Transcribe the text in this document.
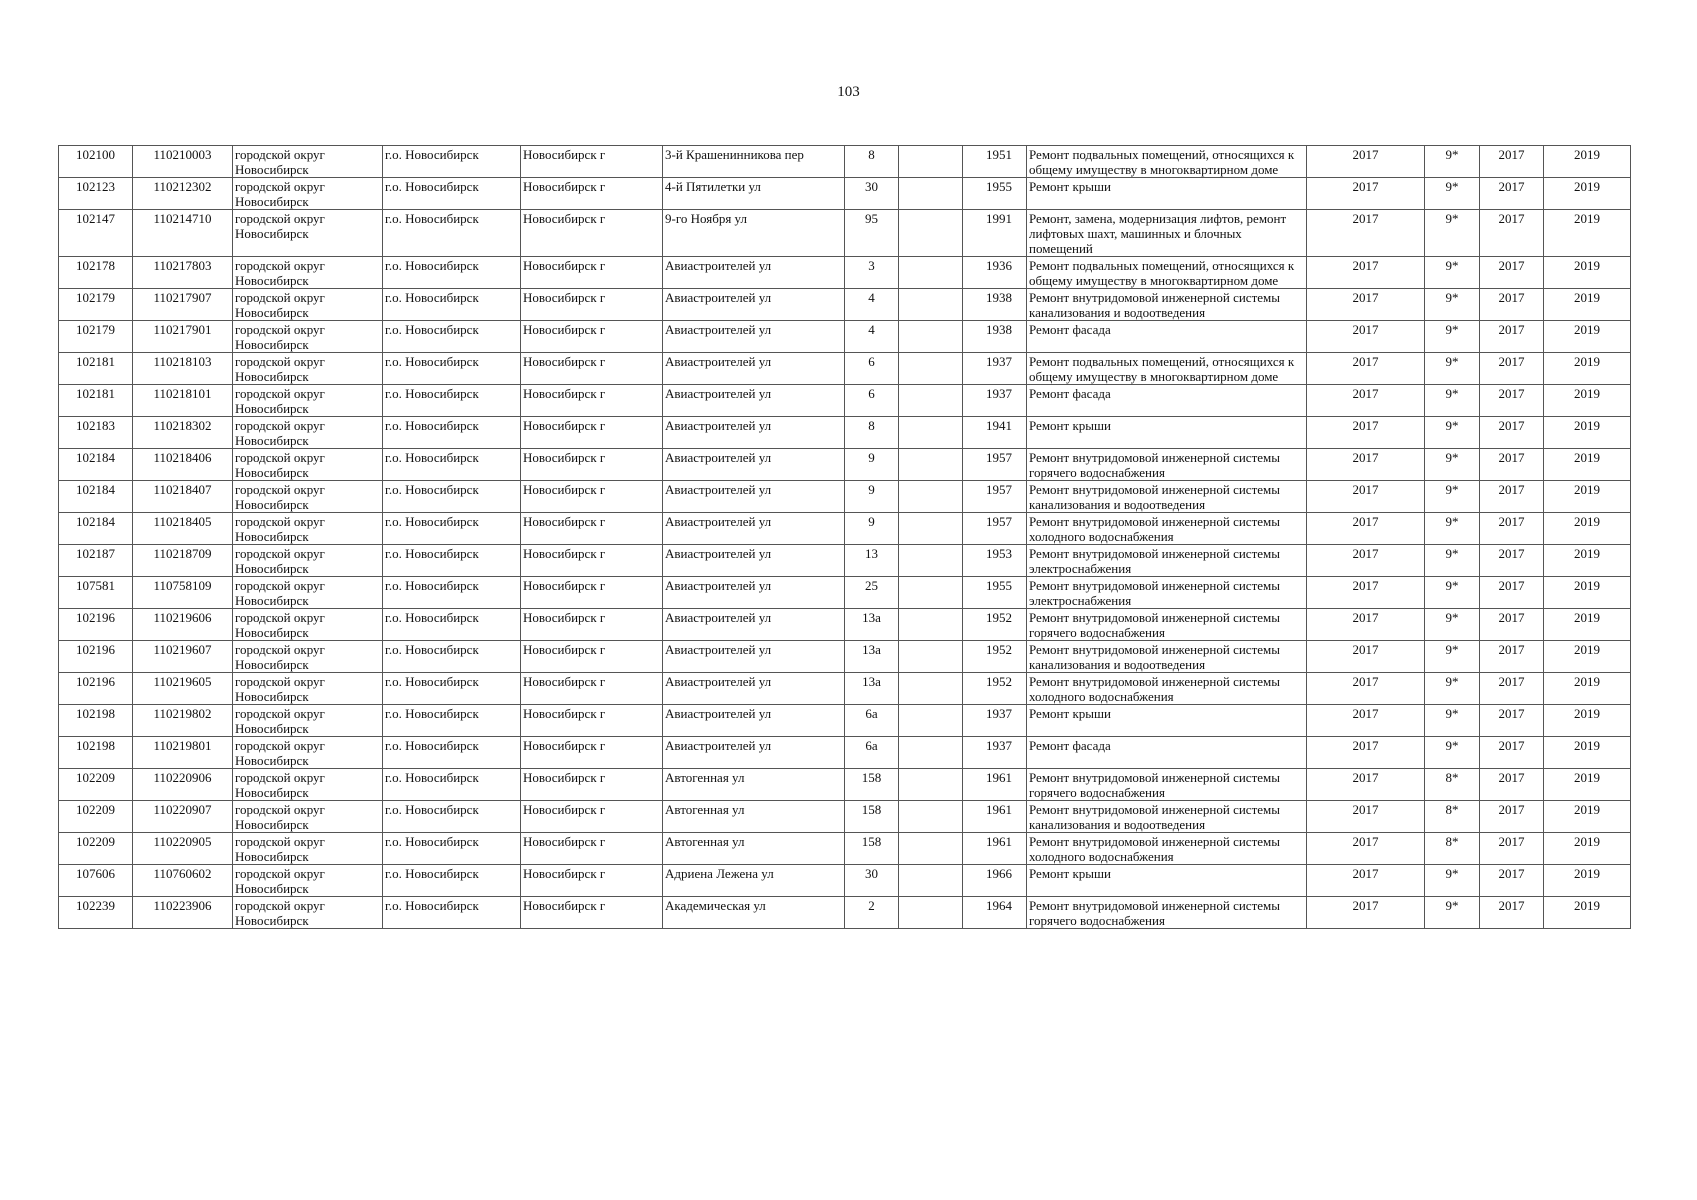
103
102100	110210003	городской округ Новосибирск	г.о. Новосибирск	Новосибирск г	3-й Крашенинникова пер	8		1951	Ремонт подвальных помещений, относящихся к общему имуществу в многоквартирном доме	2017	9*	2017	2019
102123	110212302	городской округ Новосибирск	г.о. Новосибирск	Новосибирск г	4-й Пятилетки ул	30		1955	Ремонт крыши	2017	9*	2017	2019
102147	110214710	городской округ Новосибирск	г.о. Новосибирск	Новосибирск г	9-го Ноября ул	95		1991	Ремонт, замена, модернизация лифтов, ремонт лифтовых шахт, машинных и блочных помещений	2017	9*	2017	2019
102178	110217803	городской округ Новосибирск	г.о. Новосибирск	Новосибирск г	Авиастроителей ул	3		1936	Ремонт подвальных помещений, относящихся к общему имуществу в многоквартирном доме	2017	9*	2017	2019
102179	110217907	городской округ Новосибирск	г.о. Новосибирск	Новосибирск г	Авиастроителей ул	4		1938	Ремонт внутридомовой инженерной системы канализования и водоотведения	2017	9*	2017	2019
102179	110217901	городской округ Новосибирск	г.о. Новосибирск	Новосибирск г	Авиастроителей ул	4		1938	Ремонт фасада	2017	9*	2017	2019
102181	110218103	городской округ Новосибирск	г.о. Новосибирск	Новосибирск г	Авиастроителей ул	6		1937	Ремонт подвальных помещений, относящихся к общему имуществу в многоквартирном доме	2017	9*	2017	2019
102181	110218101	городской округ Новосибирск	г.о. Новосибирск	Новосибирск г	Авиастроителей ул	6		1937	Ремонт фасада	2017	9*	2017	2019
102183	110218302	городской округ Новосибирск	г.о. Новосибирск	Новосибирск г	Авиастроителей ул	8		1941	Ремонт крыши	2017	9*	2017	2019
102184	110218406	городской округ Новосибирск	г.о. Новосибирск	Новосибирск г	Авиастроителей ул	9		1957	Ремонт внутридомовой инженерной системы горячего водоснабжения	2017	9*	2017	2019
102184	110218407	городской округ Новосибирск	г.о. Новосибирск	Новосибирск г	Авиастроителей ул	9		1957	Ремонт внутридомовой инженерной системы канализования и водоотведения	2017	9*	2017	2019
102184	110218405	городской округ Новосибирск	г.о. Новосибирск	Новосибирск г	Авиастроителей ул	9		1957	Ремонт внутридомовой инженерной системы холодного водоснабжения	2017	9*	2017	2019
102187	110218709	городской округ Новосибирск	г.о. Новосибирск	Новосибирск г	Авиастроителей ул	13		1953	Ремонт внутридомовой инженерной системы электроснабжения	2017	9*	2017	2019
107581	110758109	городской округ Новосибирск	г.о. Новосибирск	Новосибирск г	Авиастроителей ул	25		1955	Ремонт внутридомовой инженерной системы электроснабжения	2017	9*	2017	2019
102196	110219606	городской округ Новосибирск	г.о. Новосибирск	Новосибирск г	Авиастроителей ул	13а		1952	Ремонт внутридомовой инженерной системы горячего водоснабжения	2017	9*	2017	2019
102196	110219607	городской округ Новосибирск	г.о. Новосибирск	Новосибирск г	Авиастроителей ул	13а		1952	Ремонт внутридомовой инженерной системы канализования и водоотведения	2017	9*	2017	2019
102196	110219605	городской округ Новосибирск	г.о. Новосибирск	Новосибирск г	Авиастроителей ул	13а		1952	Ремонт внутридомовой инженерной системы холодного водоснабжения	2017	9*	2017	2019
102198	110219802	городской округ Новосибирск	г.о. Новосибирск	Новосибирск г	Авиастроителей ул	6а		1937	Ремонт крыши	2017	9*	2017	2019
102198	110219801	городской округ Новосибирск	г.о. Новосибирск	Новосибирск г	Авиастроителей ул	6а		1937	Ремонт фасада	2017	9*	2017	2019
102209	110220906	городской округ Новосибирск	г.о. Новосибирск	Новосибирск г	Автогенная ул	158		1961	Ремонт внутридомовой инженерной системы горячего водоснабжения	2017	8*	2017	2019
102209	110220907	городской округ Новосибирск	г.о. Новосибирск	Новосибирск г	Автогенная ул	158		1961	Ремонт внутридомовой инженерной системы канализования и водоотведения	2017	8*	2017	2019
102209	110220905	городской округ Новосибирск	г.о. Новосибирск	Новосибирск г	Автогенная ул	158		1961	Ремонт внутридомовой инженерной системы холодного водоснабжения	2017	8*	2017	2019
107606	110760602	городской округ Новосибирск	г.о. Новосибирск	Новосибирск г	Адриена Лежена ул	30		1966	Ремонт крыши	2017	9*	2017	2019
102239	110223906	городской округ Новосибирск	г.о. Новосибирск	Новосибирск г	Академическая ул	2		1964	Ремонт внутридомовой инженерной системы горячего водоснабжения	2017	9*	2017	2019
